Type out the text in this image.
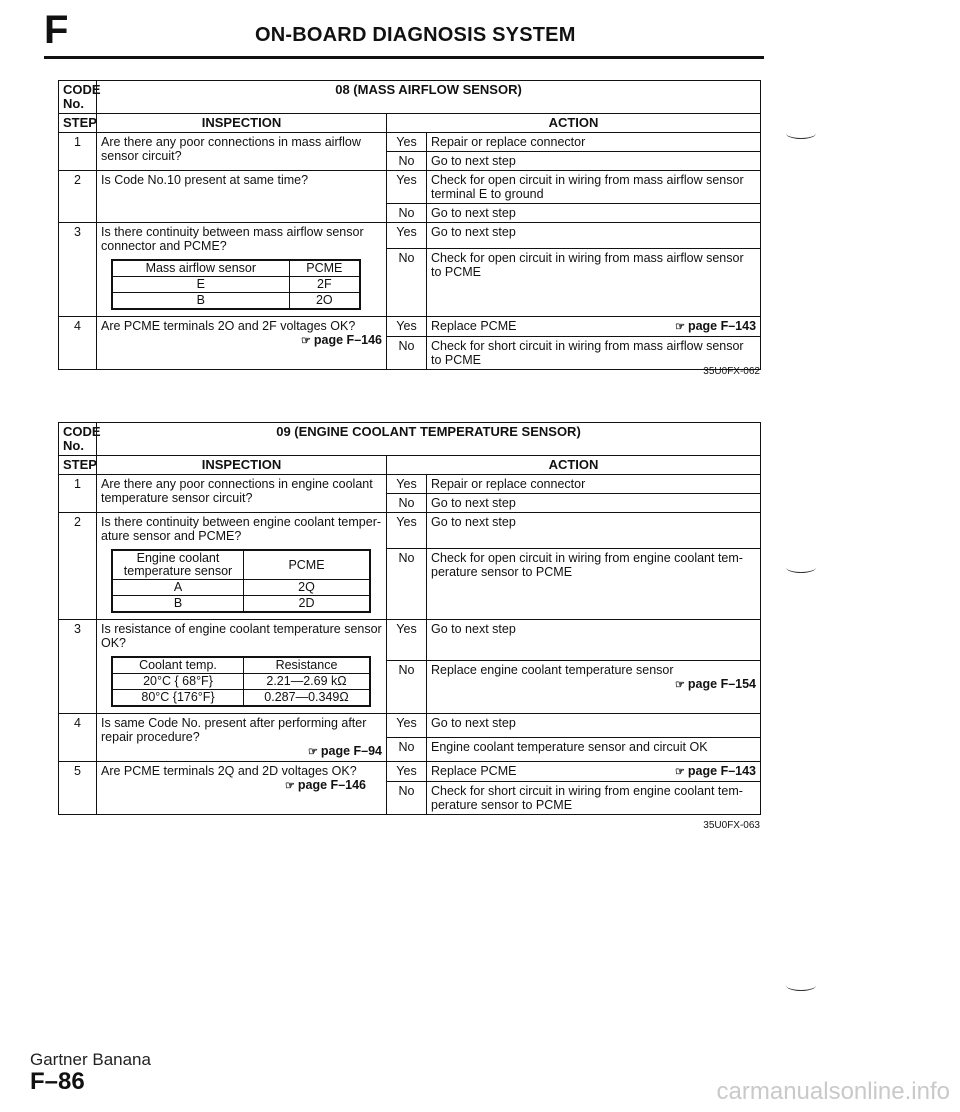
F	ON-BOARD DIAGNOSIS SYSTEM
CODE No.	08 (MASS AIRFLOW SENSOR)
STEP	INSPECTION	ACTION
1	Are there any poor connections in mass airflow sensor circuit?	Yes	Repair or replace connector
No	Go to next step
2	Is Code No.10 present at same time?	Yes	Check for open circuit in wiring from mass airflow sensor terminal E to ground
No	Go to next step
3	Is there continuity between mass airflow sensor connector and PCME?
Mass airflow sensor	PCME
E	2F
B	2O
	Yes	Go to next step
No	Check for open circuit in wiring from mass airflow sensor to PCME
4	Are PCME terminals 2O and 2F voltages OK?
☞ page F–146
	Yes	Replace PCME	☞ page F–143

No	Check for short circuit in wiring from mass airflow sensor to PCME
35U0FX-062
CODE No.	09 (ENGINE COOLANT TEMPERATURE SENSOR)
STEP	INSPECTION	ACTION
1	Are there any poor connections in engine coolant temperature sensor circuit?	Yes	Repair or replace connector
No	Go to next step
2	Is there continuity between engine coolant temper-ature sensor and PCME?
Engine coolant temperature sensor	PCME
A	2Q
B	2D
	Yes	Go to next step
No	Check for open circuit in wiring from engine coolant tem-perature sensor to PCME
3	Is resistance of engine coolant temperature sensor OK?
Coolant temp.	Resistance
20°C { 68°F}	2.21—2.69 kΩ
80°C {176°F}	0.287—0.349Ω
	Yes	Go to next step
No	Replace engine coolant temperature sensor
☞ page F–154

4	Is same Code No. present after performing after repair procedure?
☞ page F–94
	Yes	Go to next step
No	Engine coolant temperature sensor and circuit OK
5	Are PCME terminals 2Q and 2D voltages OK?
☞ page F–146
	Yes	Replace PCME	☞ page F–143

No	Check for short circuit in wiring from engine coolant tem-perature sensor to PCME
35U0FX-063
Gartner Banana
F–86	carmanualsonline.info
